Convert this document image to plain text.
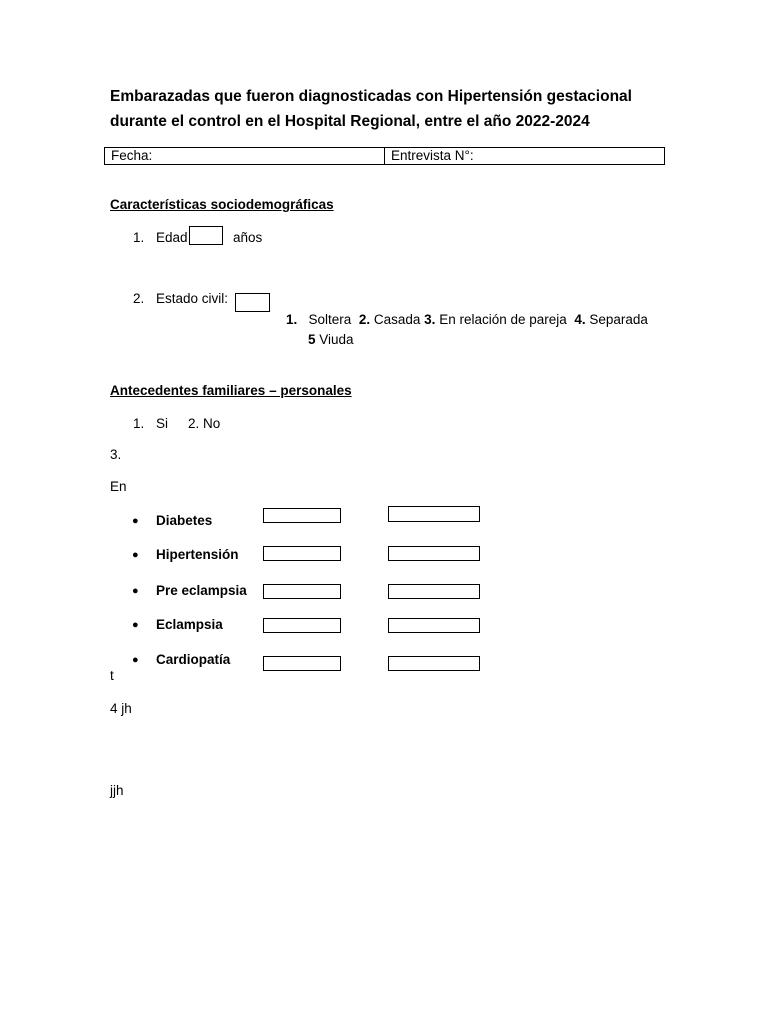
Embarazadas que fueron diagnosticadas con Hipertensión gestacional
durante el control en el Hospital Regional, entre el año 2022-2024
Fecha:	Entrevista N°:
Características sociodemográficas
1. Edad	años
2. Estado civil:
1. Soltera 2. Casada 3. En relación de pareja 4. Separada
5 Viuda
Antecedentes familiares – personales
1. Si 2. No
3.
En
● Diabetes
● Hipertensión
● Pre eclampsia
● Eclampsia
● Cardiopatía
t
4 jh
jjh
